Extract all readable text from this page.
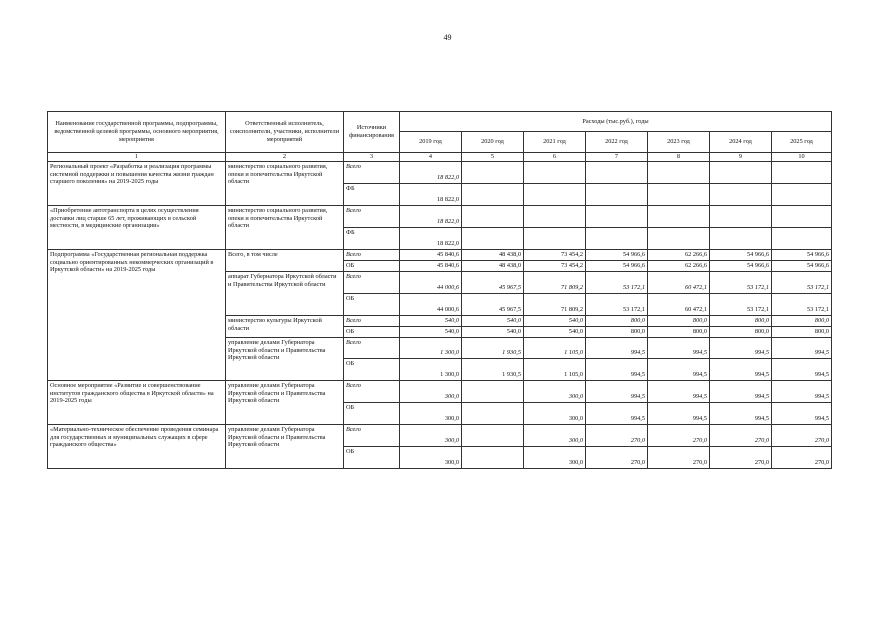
49
Наименование государственной программы, подпрограммы, ведомственной целевой программы, основного мероприятия, мероприятия	Ответственный исполнитель, соисполнители, участники, исполнители мероприятий	Источники финансирования	Расходы (тыс.руб.), годы						
			2019 год	2020 год	2021 год	2022 год	2023 год	2024 год	2025 год
1	2	3	4	5	6	7	8	9	10
Региональный проект «Разработка и реализация программы системной поддержки и повышения качества жизни граждан старшего поколения» на 2019-2025 годы	министерство социального развития, опеки и попечительства Иркутской области	Всего	18 822,0						
		ФБ	18 822,0						
«Приобретение автотранспорта в целях осуществления доставки лиц старше 65 лет, проживающих в сельской местности, в медицинские организации»	министерство социального развития, опеки и попечительства Иркутской области	Всего	18 822,0						
		ФБ	18 822,0						
Подпрограмма «Государственная региональная поддержка социально ориентированных некоммерческих организаций в Иркутской области» на 2019-2025 годы	Всего, в том числе	Всего	45 840,6	48 438,0	73 454,2	54 966,6	62 266,6	54 966,6	54 966,6
		ОБ	45 840,6	48 438,0	73 454,2	54 966,6	62 266,6	54 966,6	54 966,6
	аппарат Губернатора Иркутской области и Правительства Иркутской области	Всего	44 000,6	45 967,5	71 809,2	53 172,1	60 472,1	53 172,1	53 172,1
		ОБ	44 000,6	45 967,5	71 809,2	53 172,1	60 472,1	53 172,1	53 172,1
	министерство культуры Иркутской области	Всего	540,0	540,0	540,0	800,0	800,0	800,0	800,0
		ОБ	540,0	540,0	540,0	800,0	800,0	800,0	800,0
	управление делами Губернатора Иркутской области и Правительства Иркутской области	Всего	1 300,0	1 930,5	1 105,0	994,5	994,5	994,5	994,5
		ОБ	1 300,0	1 930,5	1 105,0	994,5	994,5	994,5	994,5
Основное мероприятие «Развитие и совершенствование институтов гражданского общества в Иркутской области» на 2019-2025 годы	управление делами Губернатора Иркутской области и Правительства Иркутской области	Всего	300,0		300,0	994,5	994,5	994,5	994,5
		ОБ	300,0		300,0	994,5	994,5	994,5	994,5
«Материально-техническое обеспечение проведения семинара для государственных и муниципальных служащих в сфере гражданского общества»	управление делами Губернатора Иркутской области и Правительства Иркутской области	Всего	300,0		300,0	270,0	270,0	270,0	270,0
		ОБ	300,0		300,0	270,0	270,0	270,0	270,0
